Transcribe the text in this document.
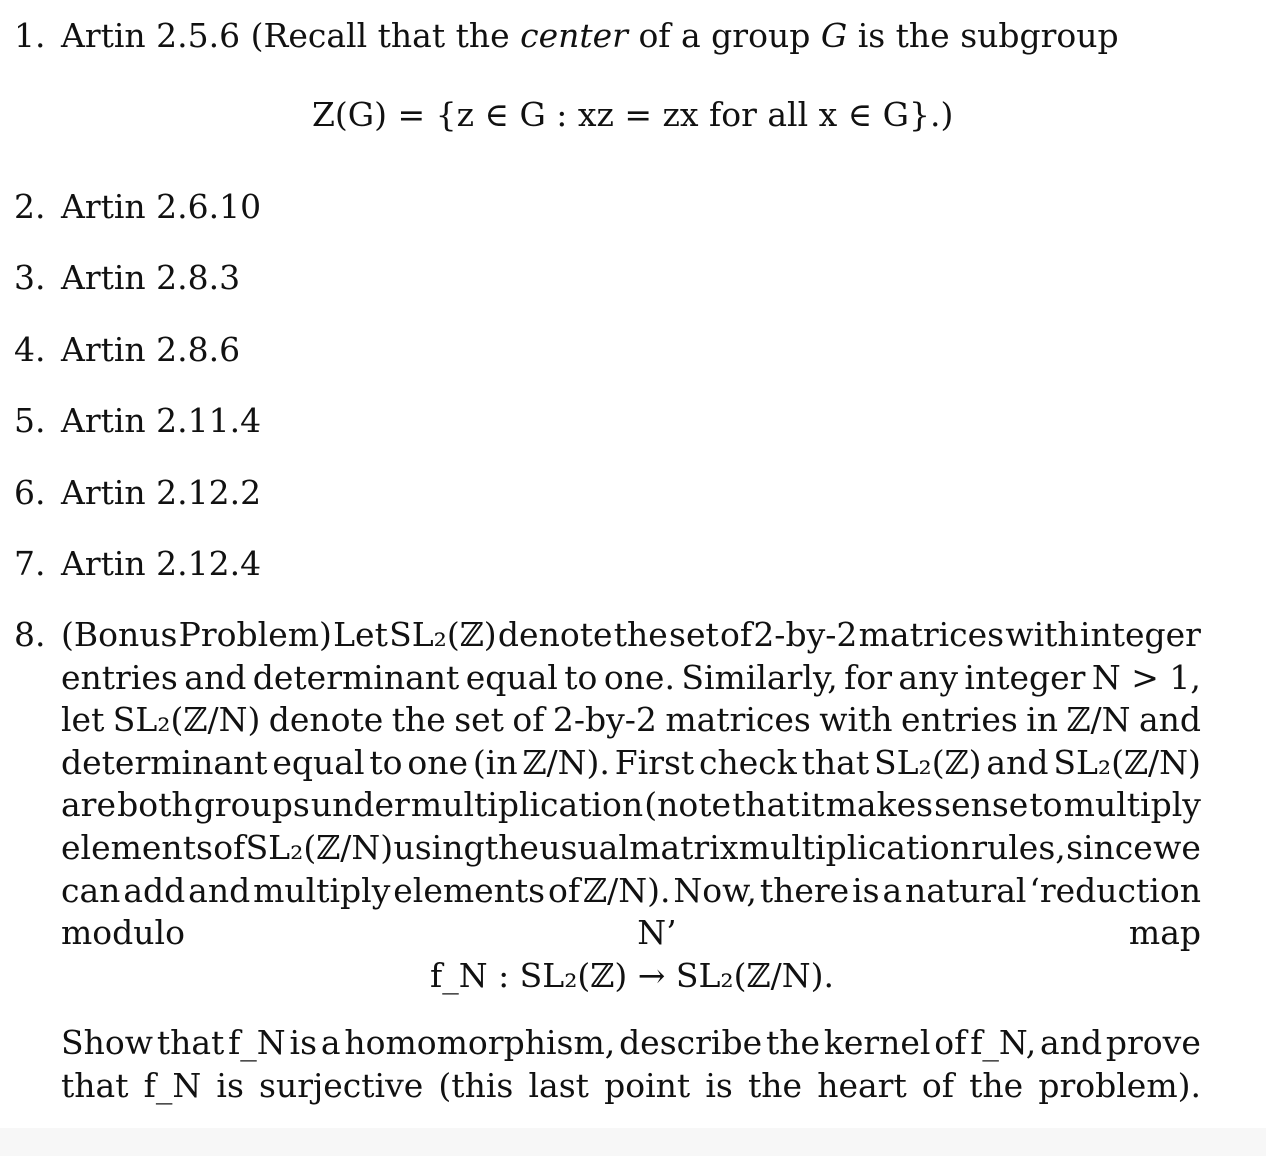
1. Artin 2.5.6 (Recall that the center of a group G is the subgroup
Z(G) = {z ∈ G : xz = zx for all x ∈ G}.)
2. Artin 2.6.10
3. Artin 2.8.3
4. Artin 2.8.6
5. Artin 2.11.4
6. Artin 2.12.2
7. Artin 2.12.4
8. (Bonus Problem) Let SL₂(ℤ) denote the set of 2-by-2 matrices with integer
entries and determinant equal to one. Similarly, for any integer N > 1,
let SL₂(ℤ/N) denote the set of 2-by-2 matrices with entries in ℤ/N and
determinant equal to one (in ℤ/N). First check that SL₂(ℤ) and SL₂(ℤ/N)
are both groups under multiplication (note that it makes sense to multiply
elements of SL₂(ℤ/N) using the usual matrix multiplication rules, since we
can add and multiply elements of ℤ/N). Now, there is a natural ‘reduction
modulo N’ map
f_N : SL₂(ℤ) → SL₂(ℤ/N).
Show that f_N is a homomorphism, describe the kernel of f_N, and prove
that f_N is surjective (this last point is the heart of the problem).
